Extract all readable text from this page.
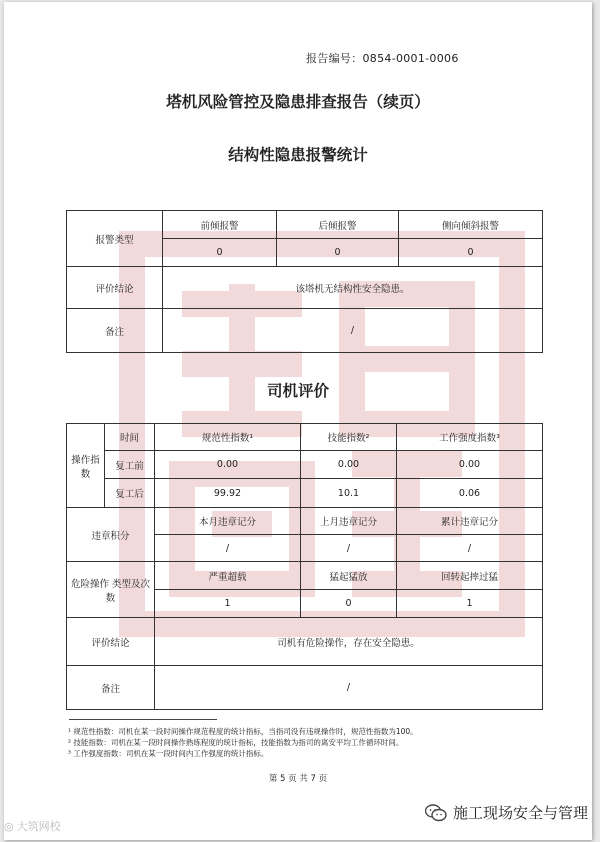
报告编号：0854-0001-0006
塔机风险管控及隐患排查报告（续页）
结构性隐患报警统计
报警类型	前倾报警	后倾报警	侧向倾斜报警
	0	0	0
评价结论	该塔机无结构性安全隐患。		
备注	/		
司机评价
操作指数	时间	规范性指数¹	技能指数²	工作强度指数³
	复工前	0.00	0.00	0.00
	复工后	99.92	10.1	0.06
违章积分		本月违章记分	上月违章记分	累计违章记分
		/	/	/
危险操作 类型及次数		严重超载	猛起猛放	回转起摔过猛
		1	0	1
评价结论		司机有危险操作，存在安全隐患。		
备注		/		
¹ 规范性指数：司机在某一段时间操作规范程度的统计指标，当指司没有违规操作时，规范性指数为100。
² 技能指数：司机在某一段时间操作熟练程度的统计指标，技能指数为指司的离安平均工作循环时间。
³ 工作强度指数：司机在某一段时间内工作强度的统计指标。
第 5 页 共 7 页
◎ 大筑网校
施工现场安全与管理
